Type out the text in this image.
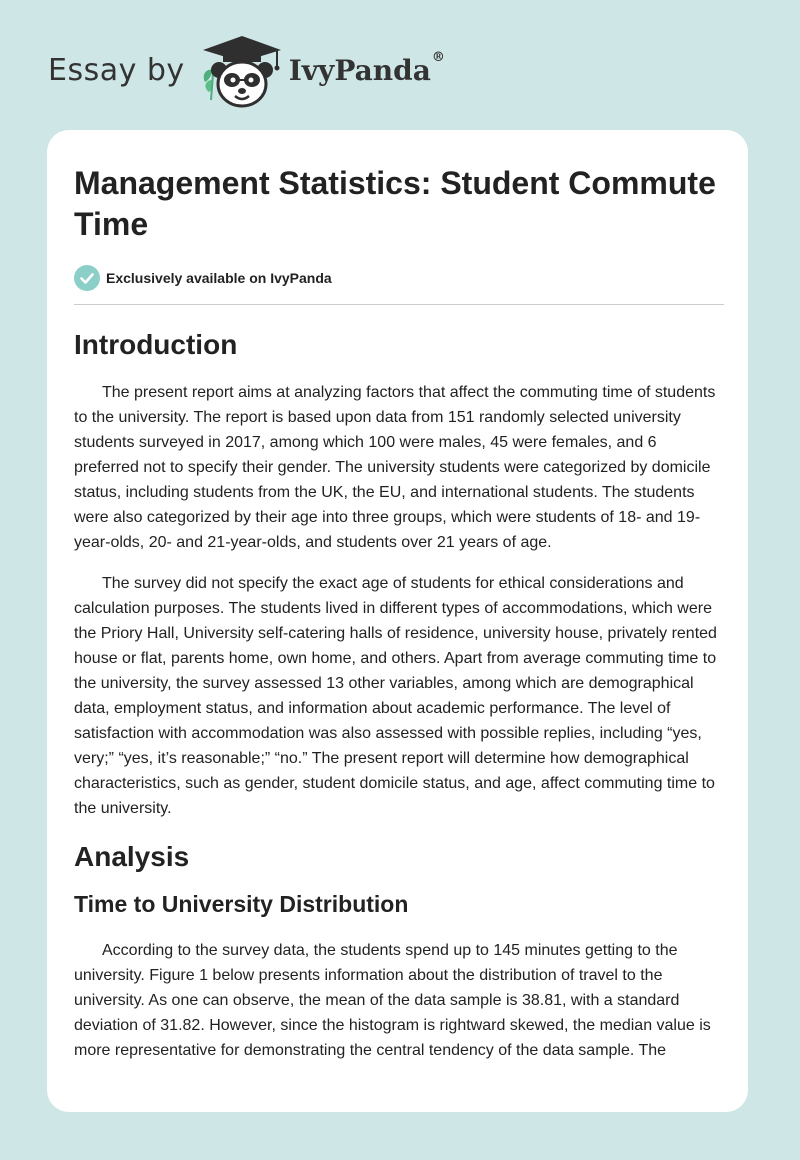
Essay by	IvyPanda®
Management Statistics: Student Commute Time
Exclusively available on IvyPanda
Introduction

The present report aims at analyzing factors that affect the commuting time of students to the university. The report is based upon data from 151 randomly selected university students surveyed in 2017, among which 100 were males, 45 were females, and 6 preferred not to specify their gender. The university students were categorized by domicile status, including students from the UK, the EU, and international students. The students were also categorized by their age into three groups, which were students of 18- and 19-year-olds, 20- and 21-year-olds, and students over 21 years of age.

The survey did not specify the exact age of students for ethical considerations and calculation purposes. The students lived in different types of accommodations, which were the Priory Hall, University self-catering halls of residence, university house, privately rented house or flat, parents home, own home, and others. Apart from average commuting time to the university, the survey assessed 13 other variables, among which are demographical data, employment status, and information about academic performance. The level of satisfaction with accommodation was also assessed with possible replies, including “yes, very;” “yes, it’s reasonable;” “no.” The present report will determine how demographical characteristics, such as gender, student domicile status, and age, affect commuting time to the university.

Analysis
Time to University Distribution

According to the survey data, the students spend up to 145 minutes getting to the university. Figure 1 below presents information about the distribution of travel to the university. As one can observe, the mean of the data sample is 38.81, with a standard deviation of 31.82. However, since the histogram is rightward skewed, the median value is more representative for demonstrating the central tendency of the data sample. The
